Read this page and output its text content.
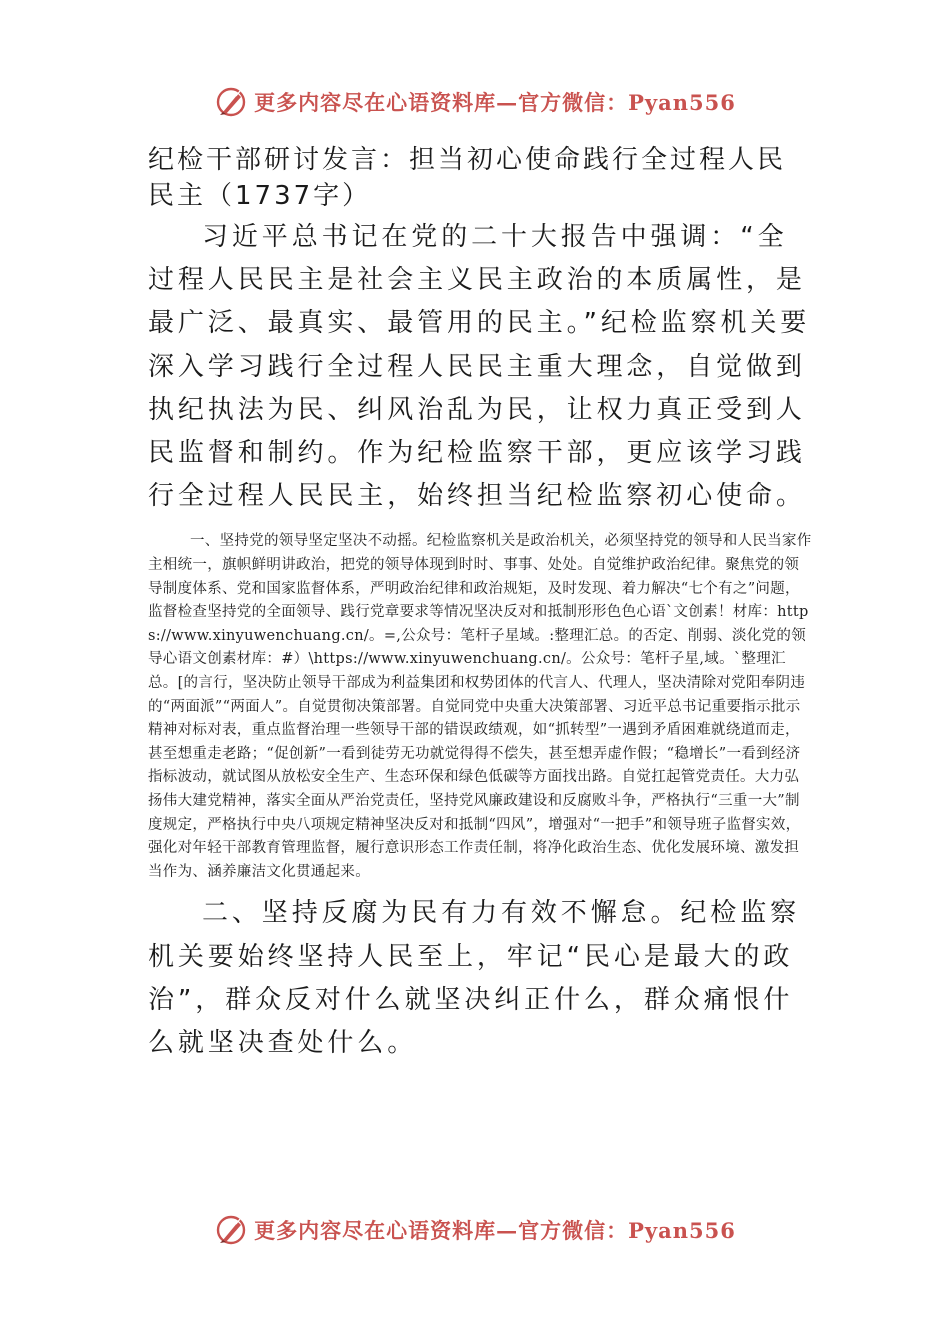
更多内容尽在心语资料库—官方微信：Pyan556

纪检干部研讨发言：担当初心使命践行全过程人民民主（1737字）

习近平总书记在党的二十大报告中强调：“全过程人民民主是社会主义民主政治的本质属性，是最广泛、最真实、最管用的民主。”纪检监察机关要深入学习践行全过程人民民主重大理念，自觉做到执纪执法为民、纠风治乱为民，让权力真正受到人民监督和制约。作为纪检监察干部，更应该学习践行全过程人民民主，始终担当纪检监察初心使命。

一、坚持党的领导坚定坚决不动摇。纪检监察机关是政治机关，必须坚持党的领导和人民当家作主相统一，旗帜鲜明讲政治，把党的领导体现到时时、事事、处处。自觉维护政治纪律。聚焦党的领导制度体系、党和国家监督体系，严明政治纪律和政治规矩，及时发现、着力解决“七个有之”问题，监督检查坚持党的全面领导、践行党章要求等情况坚决反对和抵制形形色色心语`文创素！材库：https://www.xinyuwenchuang.cn/。=,公众号：笔杆子星域。:整理汇总。的否定、削弱、淡化党的领导心语文创素材库：#）\https://www.xinyuwenchuang.cn/。公众号：笔杆子星,域。`整理汇总。[的言行，坚决防止领导干部成为利益集团和权势团体的代言人、代理人，坚决清除对党阳奉阴违的“两面派”“两面人”。自觉贯彻决策部署。自觉同党中央重大决策部署、习近平总书记重要指示批示精神对标对表，重点监督治理一些领导干部的错误政绩观，如“抓转型”一遇到矛盾困难就绕道而走，甚至想重走老路；“促创新”一看到徒劳无功就觉得得不偿失，甚至想弄虚作假；“稳增长”一看到经济指标波动，就试图从放松安全生产、生态环保和绿色低碳等方面找出路。自觉扛起管党责任。大力弘扬伟大建党精神，落实全面从严治党责任，坚持党风廉政建设和反腐败斗争，严格执行“三重一大”制度规定，严格执行中央八项规定精神坚决反对和抵制“四风”，增强对“一把手”和领导班子监督实效，强化对年轻干部教育管理监督，履行意识形态工作责任制，将净化政治生态、优化发展环境、激发担当作为、涵养廉洁文化贯通起来。

二、坚持反腐为民有力有效不懈怠。纪检监察机关要始终坚持人民至上，牢记“民心是最大的政治”，群众反对什么就坚决纠正什么，群众痛恨什么就坚决查处什么。

更多内容尽在心语资料库—官方微信：Pyan556
